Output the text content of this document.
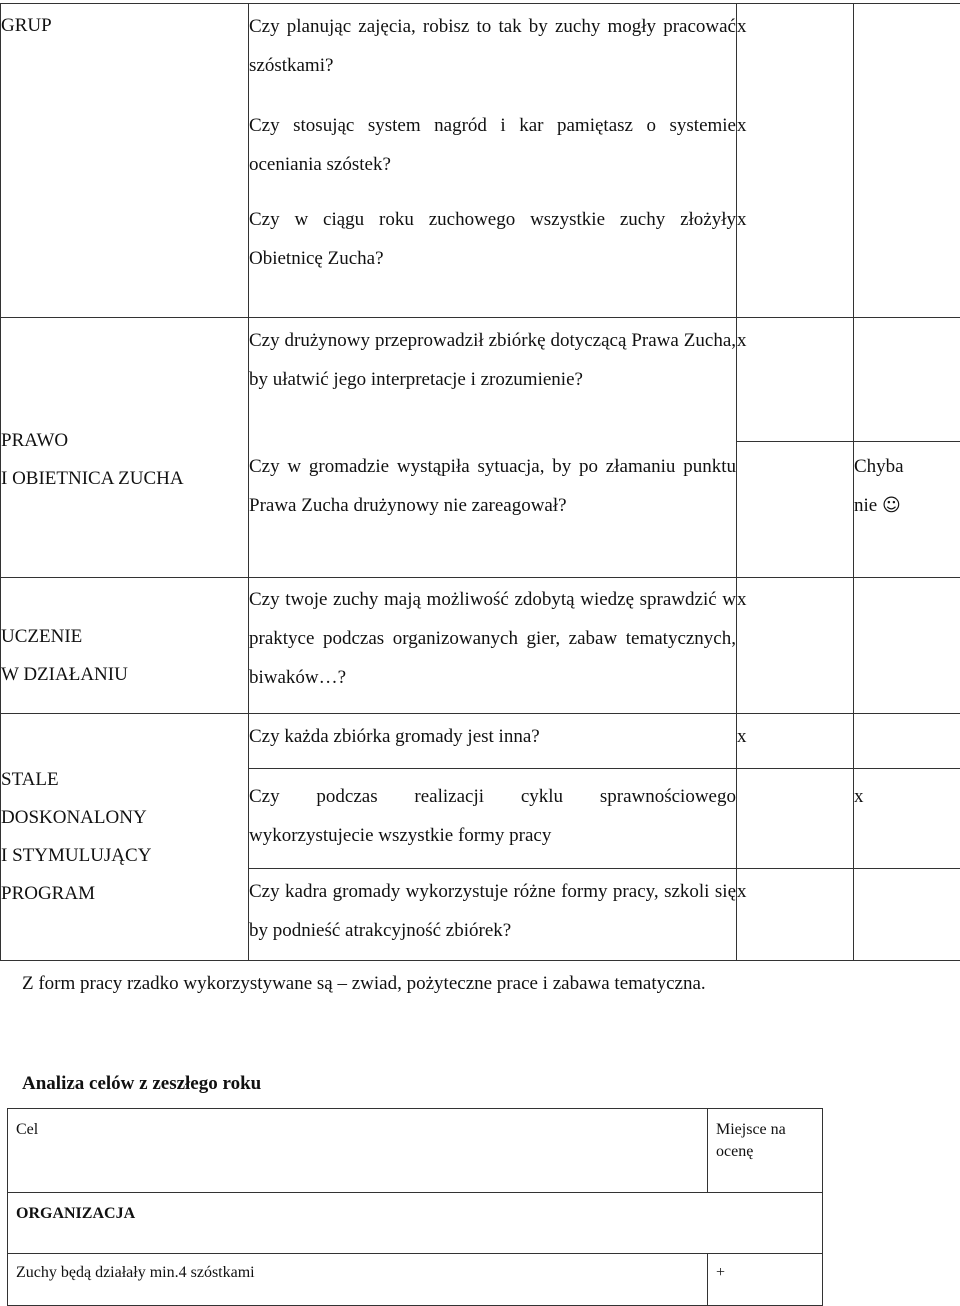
GRUP	Czy planując zajęcia, robisz to tak by zuchy mogły pracować szóstkami?	x	
	Czy stosując system nagród i kar pamiętasz o systemie oceniania szóstek?	x	
	Czy w ciągu roku zuchowego wszystkie zuchy złożyły Obietnicę Zucha?	x	

PRAWO
I OBIETNICA ZUCHA	Czy drużynowy przeprowadził zbiórkę dotyczącą Prawa Zucha, by ułatwić jego interpretacje i zrozumienie?	x	
	Czy w gromadzie wystąpiła sytuacja, by po złamaniu punktu Prawa Zucha drużynowy nie zareagował?		Chyba
nie ☺

UCZENIE
W DZIAŁANIU	Czy twoje zuchy mają możliwość zdobytą wiedzę sprawdzić w praktyce podczas organizowanych gier, zabaw tematycznych, biwaków…?	x	

STALE
DOSKONALONY
I STYMULUJĄCY
PROGRAM	Czy każda zbiórka gromady jest inna?	x	
	Czy podczas realizacji cyklu sprawnościowego wykorzystujecie wszystkie formy pracy		x
	Czy kadra gromady wykorzystuje różne formy pracy, szkoli się by podnieść atrakcyjność zbiórek?	x	
Z form pracy rzadko wykorzystywane są – zwiad, pożyteczne prace i zabawa tematyczna.
Analiza celów z zeszłego roku
Cel	Miejsce na
ocenę

ORGANIZACJA	
Zuchy będą działały min.4 szóstkami	+
